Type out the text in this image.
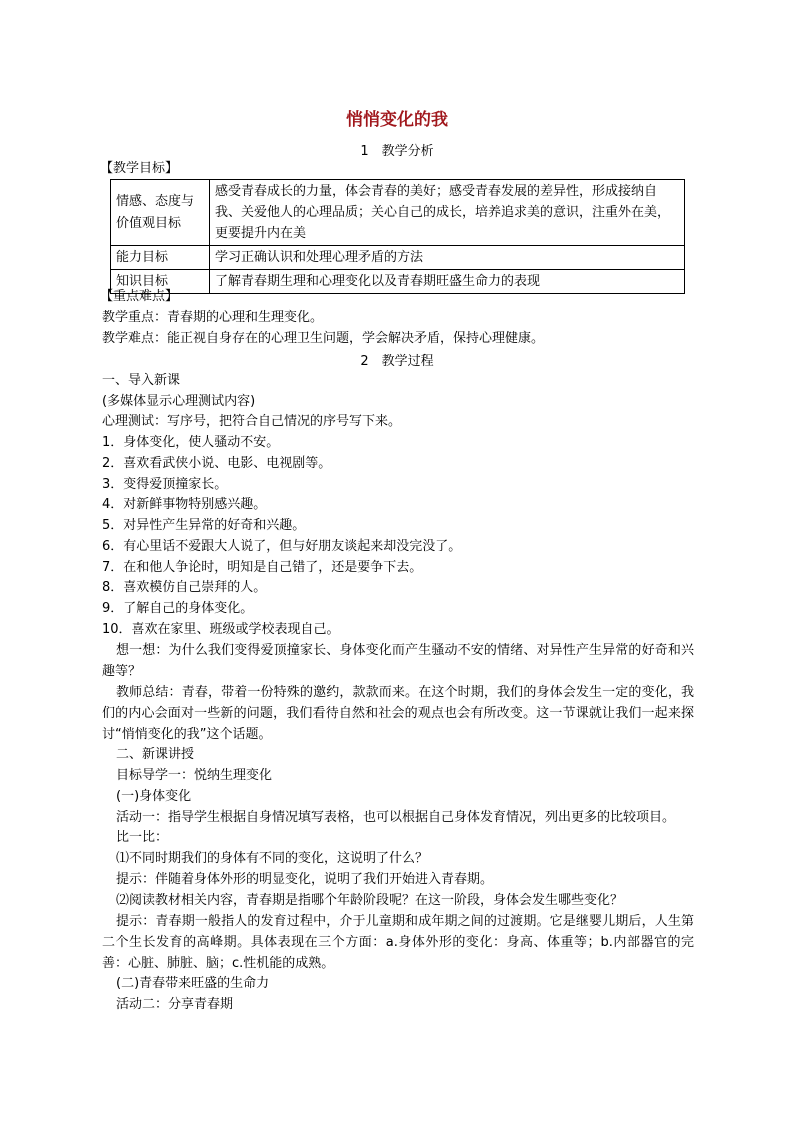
悄悄变化的我
1　教学分析
【教学目标】
情感、态度与价值观目标	感受青春成长的力量，体会青春的美好；感受青春发展的差异性，形成接纳自我、关爱他人的心理品质；关心自己的成长，培养追求美的意识，注重外在美，更要提升内在美
能力目标	学习正确认识和处理心理矛盾的方法
知识目标	了解青春期生理和心理变化以及青春期旺盛生命力的表现
【重点难点】
教学重点：青春期的心理和生理变化。
教学难点：能正视自身存在的心理卫生问题，学会解决矛盾，保持心理健康。
2　教学过程
一、导入新课
(多媒体显示心理测试内容)
心理测试：写序号，把符合自己情况的序号写下来。
1．身体变化，使人骚动不安。
2．喜欢看武侠小说、电影、电视剧等。
3．变得爱顶撞家长。
4．对新鲜事物特别感兴趣。
5．对异性产生异常的好奇和兴趣。
6．有心里话不爱跟大人说了，但与好朋友谈起来却没完没了。
7．在和他人争论时，明知是自己错了，还是要争下去。
8．喜欢模仿自己崇拜的人。
9．了解自己的身体变化。
10．喜欢在家里、班级或学校表现自己。
想一想：为什么我们变得爱顶撞家长、身体变化而产生骚动不安的情绪、对异性产生异常的好奇和兴趣等？
教师总结：青春，带着一份特殊的邀约，款款而来。在这个时期，我们的身体会发生一定的变化，我们的内心会面对一些新的问题，我们看待自然和社会的观点也会有所改变。这一节课就让我们一起来探讨“悄悄变化的我”这个话题。
二、新课讲授
目标导学一：悦纳生理变化
(一)身体变化
活动一：指导学生根据自身情况填写表格，也可以根据自己身体发育情况，列出更多的比较项目。
比一比：
⑴不同时期我们的身体有不同的变化，这说明了什么？
提示：伴随着身体外形的明显变化，说明了我们开始进入青春期。
⑵阅读教材相关内容，青春期是指哪个年龄阶段呢？在这一阶段，身体会发生哪些变化？
提示：青春期一般指人的发育过程中，介于儿童期和成年期之间的过渡期。它是继婴儿期后，人生第二个生长发育的高峰期。具体表现在三个方面：a.身体外形的变化：身高、体重等；b.内部器官的完善：心脏、肺脏、脑；c.性机能的成熟。
(二)青春带来旺盛的生命力
活动二：分享青春期
